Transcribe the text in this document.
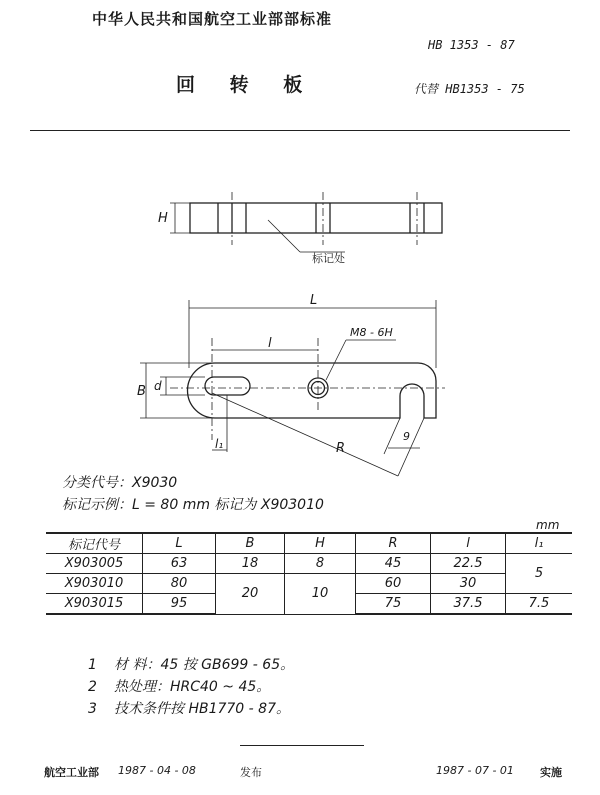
中华人民共和国航空工业部部标准
HB 1353 - 87
回 转 板	代替 HB1353 - 75
H
标记处
L
l
M8 - 6H
B d
l₁	R
9
分类代号：X9030
标记示例：L = 80 mm 标记为 X903010
mm
标记代号	L	B	H	R	l	l₁
X903005	63	18	8	45	22.5	5
X903010	80	20	10	60	30	
X903015	95			75	37.5	7.5
1 材 料：45 按 GB699 - 65。
2 热处理：HRC40 ~ 45。
3 技术条件按 HB1770 - 87。
航空工业部 1987 - 04 - 08	发布	1987 - 07 - 01 实施
